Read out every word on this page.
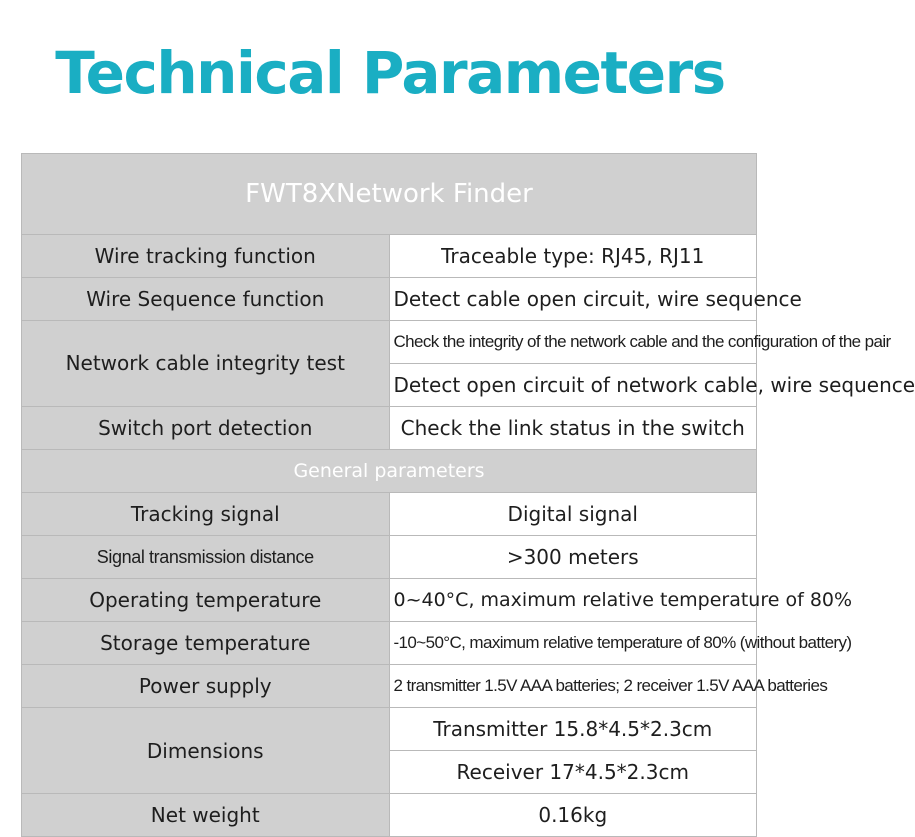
Technical Parameters
FWT8XNetwork Finder	
Wire tracking function	Traceable type: RJ45, RJ11
Wire Sequence function	Detect cable open circuit, wire sequence
Network cable integrity test	Check the integrity of the network cable and the configuration of the pair
	Detect open circuit of network cable, wire sequence
Switch port detection	Check the link status in the switch
General parameters	
Tracking signal	Digital signal
Signal transmission distance	>300 meters
Operating temperature	0~40°C, maximum relative temperature of 80%
Storage temperature	-10~50°C, maximum relative temperature of 80% (without battery)
Power supply	2 transmitter 1.5V AAA batteries; 2 receiver 1.5V AAA batteries
Dimensions	Transmitter 15.8*4.5*2.3cm
	Receiver 17*4.5*2.3cm
Net weight	0.16kg
